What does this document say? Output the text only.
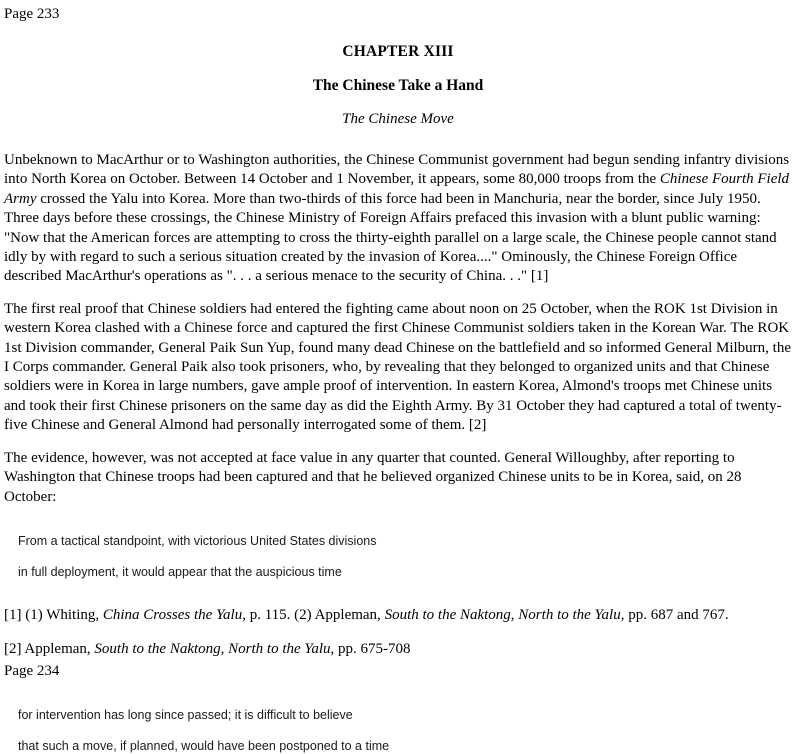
Page 233
CHAPTER XIII
The Chinese Take a Hand
The Chinese Move

Unbeknown to MacArthur or to Washington authorities, the Chinese Communist government had begun sending infantry divisions into North Korea on October. Between 14 October and 1 November, it appears, some 80,000 troops from the Chinese Fourth Field Army crossed the Yalu into Korea. More than two-thirds of this force had been in Manchuria, near the border, since July 1950. Three days before these crossings, the Chinese Ministry of Foreign Affairs prefaced this invasion with a blunt public warning: "Now that the American forces are attempting to cross the thirty-eighth parallel on a large scale, the Chinese people cannot stand idly by with regard to such a serious situation created by the invasion of Korea...." Ominously, the Chinese Foreign Office described MacArthur's operations as ". . . a serious menace to the security of China. . ." [1]

The first real proof that Chinese soldiers had entered the fighting came about noon on 25 October, when the ROK 1st Division in western Korea clashed with a Chinese force and captured the first Chinese Communist soldiers taken in the Korean War. The ROK 1st Division commander, General Paik Sun Yup, found many dead Chinese on the battlefield and so informed General Milburn, the I Corps commander. General Paik also took prisoners, who, by revealing that they belonged to organized units and that Chinese soldiers were in Korea in large numbers, gave ample proof of intervention. In eastern Korea, Almond's troops met Chinese units and took their first Chinese prisoners on the same day as did the Eighth Army. By 31 October they had captured a total of twenty-five Chinese and General Almond had personally interrogated some of them. [2]

The evidence, however, was not accepted at face value in any quarter that counted. General Willoughby, after reporting to Washington that Chinese troops had been captured and that he believed organized Chinese units to be in Korea, said, on 28 October:

From a tactical standpoint, with victorious United States divisions

in full deployment, it would appear that the auspicious time

[1] (1) Whiting, China Crosses the Yalu, p. 115. (2) Appleman, South to the Naktong, North to the Yalu, pp. 687 and 767.

[2] Appleman, South to the Naktong, North to the Yalu, pp. 675-708

Page 234

for intervention has long since passed; it is difficult to believe

that such a move, if planned, would have been postponed to a time
